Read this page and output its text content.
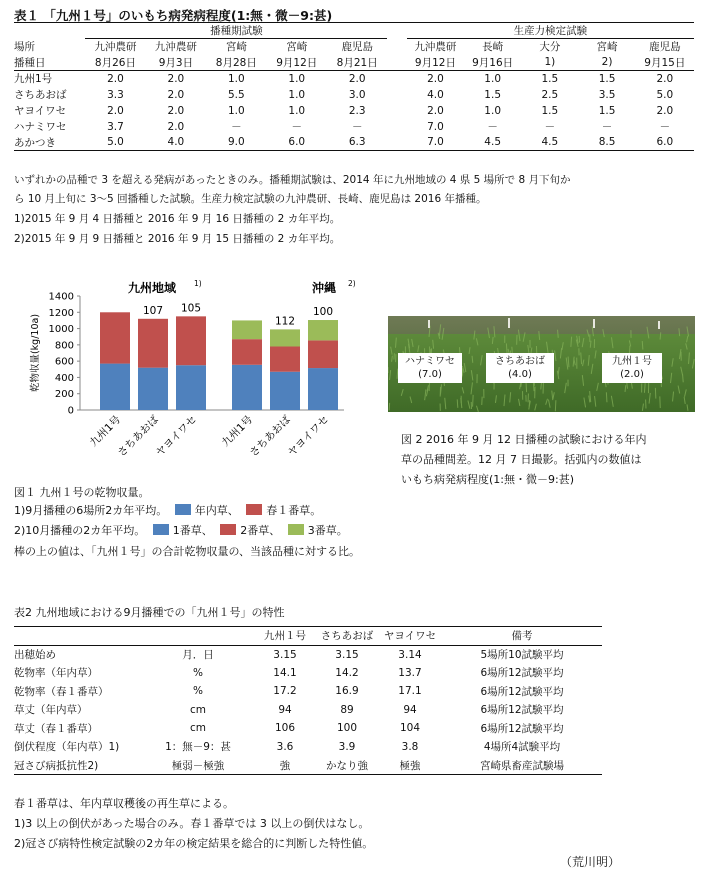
表１ 「九州１号」のいもち病発病程度(1:無・微－9:甚)
	播種期試験						生産力検定試験				
場所	九沖農研	九沖農研	宮崎	宮崎	鹿児島		九沖農研	長崎	大分	宮崎	鹿児島
播種日	8月26日	9月3日	8月28日	9月12日	8月21日		9月12日	9月16日	1)	2)	9月15日
九州1号	2.0	2.0	1.0	1.0	2.0		2.0	1.0	1.5	1.5	2.0
さちあおば	3.3	2.0	5.5	1.0	3.0		4.0	1.5	2.5	3.5	5.0
ヤヨイワセ	2.0	2.0	1.0	1.0	2.3		2.0	1.0	1.5	1.5	2.0
ハナミワセ	3.7	2.0	－	－	－		7.0	－	－	－	－
あかつき	5.0	4.0	9.0	6.0	6.3		7.0	4.5	4.5	8.5	6.0
いずれかの品種で 3 を超える発病があったときのみ。播種期試験は、2014 年に九州地域の 4 県 5 場所で 8 月下旬か
ら 10 月上旬に 3～5 回播種した試験。生産力検定試験の九沖農研、長崎、鹿児島は 2016 年播種。
1)2015 年 9 月 4 日播種と 2016 年 9 月 16 日播種の 2 カ年平均。
2)2015 年 9 月 9 日播種と 2016 年 9 月 15 日播種の 2 カ年平均。
0
200
400
600
800
1000
1200
1400
乾物収量(kg/10a)
九州地域 1)
九州1号
107
さちあおば
105
ヤヨイワセ
沖縄 2)
九州1号
112
さちあおば
100
ヤヨイワセ
図１ 九州１号の乾物収量。
1)9月播種の6場所2カ年平均。	年内草、	春１番草。
2)10月播種の2カ年平均。	1番草、	2番草、	3番草。
棒の上の値は、「九州１号」の合計乾物収量の、当該品種に対する比。
ハナミワセ
(7.0)
さちあおば
(4.0)
九州１号
(2.0)
図 2 2016 年 9 月 12 日播種の試験における年内
草の品種間差。12 月 7 日撮影。括弧内の数値は
いもち病発病程度(1:無・微－9:甚)
表2 九州地域における9月播種での「九州１号」の特性
		九州１号	さちあおば	ヤヨイワセ	備考
出穂始め	月．日	3.15	3.15	3.14	5場所10試験平均
乾物率（年内草）	%	14.1	14.2	13.7	6場所12試験平均
乾物率（春１番草）	%	17.2	16.9	17.1	6場所12試験平均
草丈（年内草）	cm	94	89	94	6場所12試験平均
草丈（春１番草）	cm	106	100	104	6場所12試験平均
倒伏程度（年内草）1)	1：無－9：甚	3.6	3.9	3.8	4場所4試験平均
冠さび病抵抗性2)	極弱－極強	強	かなり強	極強	宮崎県畜産試験場
春１番草は、年内草収穫後の再生草による。
1)3 以上の倒伏があった場合のみ。春１番草では 3 以上の倒伏はなし。
2)冠さび病特性検定試験の2カ年の検定結果を総合的に判断した特性値。
（荒川明）
